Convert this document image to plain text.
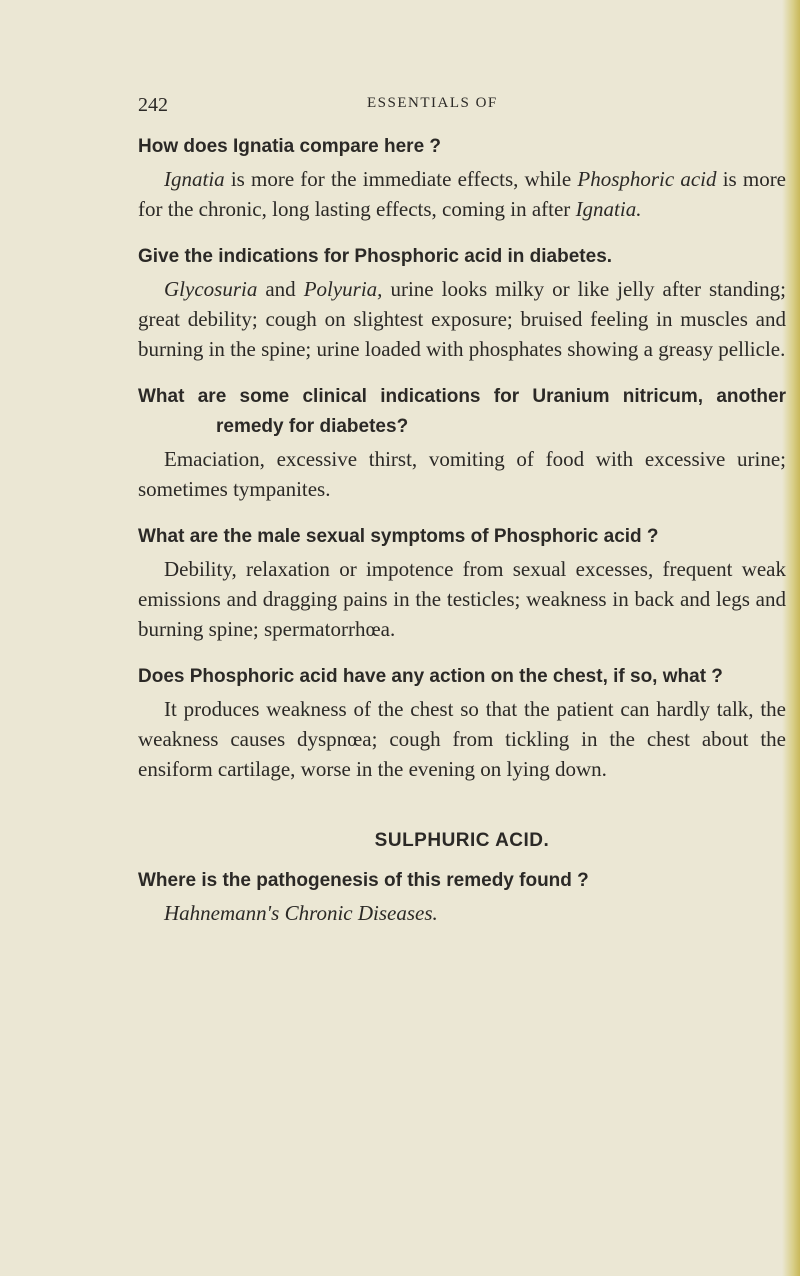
242	ESSENTIALS OF

How does Ignatia compare here ?

Ignatia is more for the immediate effects, while Phosphoric acid is more for the chronic, long lasting effects, coming in after Ignatia.

Give the indications for Phosphoric acid in diabetes.

Glycosuria and Polyuria, urine looks milky or like jelly after standing; great debility; cough on slightest exposure; bruised feeling in muscles and burning in the spine; urine loaded with phosphates showing a greasy pellicle.

What are some clinical indications for Uranium nitricum, another remedy for diabetes?

Emaciation, excessive thirst, vomiting of food with excessive urine; sometimes tympanites.

What are the male sexual symptoms of Phosphoric acid ?

Debility, relaxation or impotence from sexual excesses, frequent weak emissions and dragging pains in the testicles; weakness in back and legs and burning spine; spermatorrhœa.

Does Phosphoric acid have any action on the chest, if so, what ?

It produces weakness of the chest so that the patient can hardly talk, the weakness causes dyspnœa; cough from tickling in the chest about the ensiform cartilage, worse in the evening on lying down.

SULPHURIC ACID.

Where is the pathogenesis of this remedy found ?

Hahnemann's Chronic Diseases.
